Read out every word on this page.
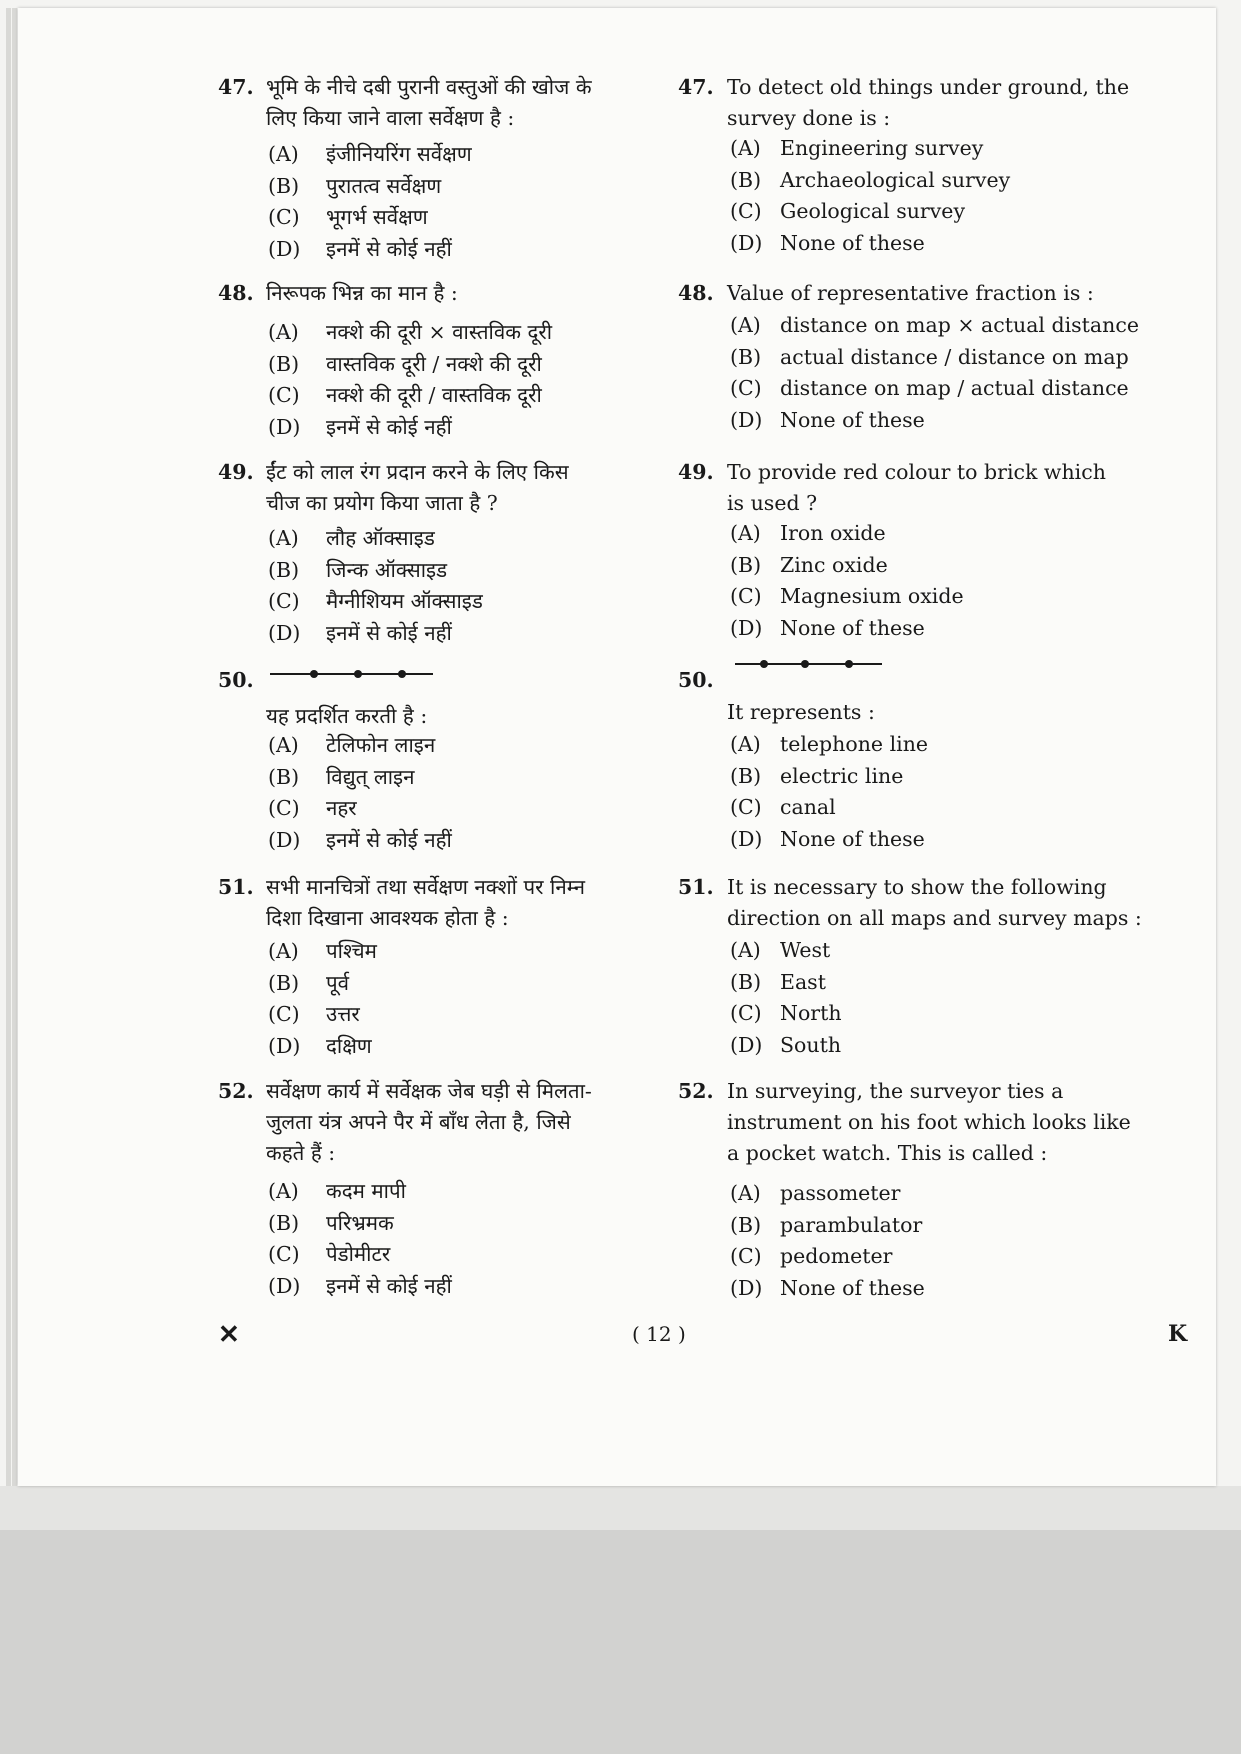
47. भूमि के नीचे दबी पुरानी वस्तुओं की खोज के
लिए किया जाने वाला सर्वेक्षण है :
(A) इंजीनियरिंग सर्वेक्षण
(B) पुरातत्व सर्वेक्षण
(C) भूगर्भ सर्वेक्षण
(D) इनमें से कोई नहीं
48. निरूपक भिन्न का मान है :
(A) नक्शे की दूरी × वास्तविक दूरी
(B) वास्तविक दूरी / नक्शे की दूरी
(C) नक्शे की दूरी / वास्तविक दूरी
(D) इनमें से कोई नहीं
49. ईंट को लाल रंग प्रदान करने के लिए किस
चीज का प्रयोग किया जाता है ?
(A) लौह ऑक्साइड
(B) जिन्क ऑक्साइड
(C) मैग्नीशियम ऑक्साइड
(D) इनमें से कोई नहीं
50.
यह प्रदर्शित करती है :
(A) टेलिफोन लाइन
(B) विद्युत् लाइन
(C) नहर
(D) इनमें से कोई नहीं
51. सभी मानचित्रों तथा सर्वेक्षण नक्शों पर निम्न
दिशा दिखाना आवश्यक होता है :
(A) पश्चिम
(B) पूर्व
(C) उत्तर
(D) दक्षिण
52. सर्वेक्षण कार्य में सर्वेक्षक जेब घड़ी से मिलता-
जुलता यंत्र अपने पैर में बाँध लेता है, जिसे
कहते हैं :
(A) कदम मापी
(B) परिभ्रमक
(C) पेडोमीटर
(D) इनमें से कोई नहीं
47. To detect old things under ground, the
survey done is :
(A) Engineering survey
(B) Archaeological survey
(C) Geological survey
(D) None of these
48. Value of representative fraction is :
(A) distance on map × actual distance
(B) actual distance / distance on map
(C) distance on map / actual distance
(D) None of these
49. To provide red colour to brick which
is used ?
(A) Iron oxide
(B) Zinc oxide
(C) Magnesium oxide
(D) None of these
50.
It represents :
(A) telephone line
(B) electric line
(C) canal
(D) None of these
51. It is necessary to show the following
direction on all maps and survey maps :
(A) West
(B) East
(C) North
(D) South
52. In surveying, the surveyor ties a
instrument on his foot which looks like
a pocket watch. This is called :
(A) passometer
(B) parambulator
(C) pedometer
(D) None of these
✕	( 12 )	K
